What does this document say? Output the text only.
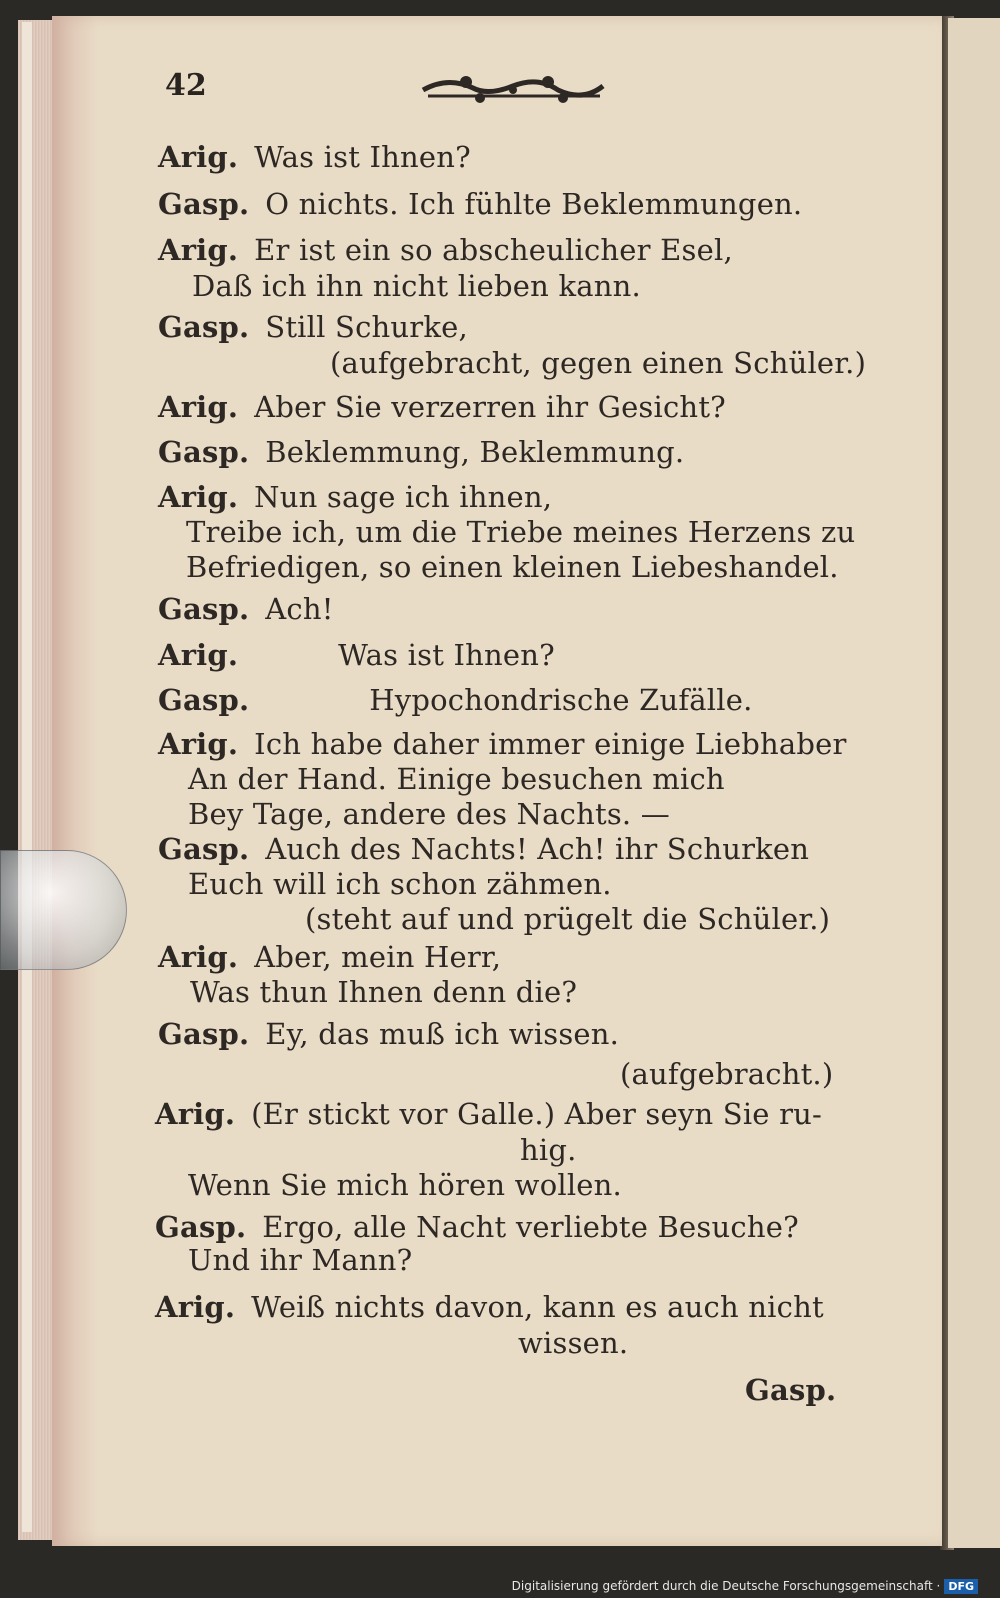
42
Arig. Was ist Ihnen?
Gasp. O nichts. Ich fühlte Beklemmungen.
Arig. Er ist ein so abscheulicher Esel,
Daß ich ihn nicht lieben kann.
Gasp. Still Schurke,
(aufgebracht, gegen einen Schüler.)
Arig. Aber Sie verzerren ihr Gesicht?
Gasp. Beklemmung, Beklemmung.
Arig. Nun sage ich ihnen,
Treibe ich, um die Triebe meines Herzens zu
Befriedigen, so einen kleinen Liebeshandel.
Gasp. Ach!
Arig.	Was ist Ihnen?
Gasp.	Hypochondrische Zufälle.
Arig. Ich habe daher immer einige Liebhaber
An der Hand. Einige besuchen mich
Bey Tage, andere des Nachts. —
Gasp. Auch des Nachts! Ach! ihr Schurken
Euch will ich schon zähmen.
(steht auf und prügelt die Schüler.)
Arig. Aber, mein Herr,
Was thun Ihnen denn die?
Gasp. Ey, das muß ich wissen.
(aufgebracht.)
Arig. (Er stickt vor Galle.) Aber seyn Sie ru-
hig.
Wenn Sie mich hören wollen.
Gasp. Ergo, alle Nacht verliebte Besuche?
Und ihr Mann?
Arig. Weiß nichts davon, kann es auch nicht
wissen.
Gasp.
Digitalisierung gefördert durch die Deutsche Forschungsgemeinschaft · DFG
